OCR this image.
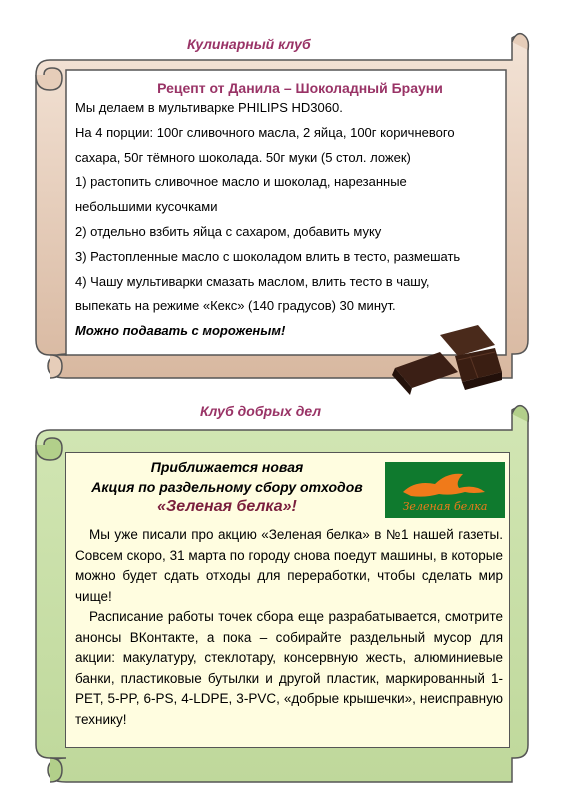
Кулинарный клуб
Рецепт от Данила – Шоколадный Брауни

Мы делаем в мультиварке PHILIPS HD3060.

На 4 порции: 100г сливочного масла, 2 яйца, 100г коричневого

сахара, 50г тёмного шоколада. 50г муки (5 стол. ложек)

1) растопить сливочное масло и шоколад, нарезанные

небольшими кусочками

2) отдельно взбить яйца с сахаром, добавить муку

3) Растопленные масло с шоколадом влить в тесто, размешать

4) Чашу мультиварки смазать маслом, влить тесто в чашу,

выпекать на режиме «Кекс» (140 градусов) 30 минут.

Можно подавать с мороженым!

Клуб добрых дел
Приближается новая
Акция по раздельному сбору отходов
«Зеленая белка»!	Зеленая белка

Мы уже писали про акцию «Зеленая белка» в №1 нашей газеты. Совсем скоро, 31 марта по городу снова поедут машины, в которые можно будет сдать отходы для переработки, чтобы сделать мир чище!

Расписание работы точек сбора еще разрабатывается, смотрите анонсы ВКонтакте, а пока – собирайте раздельный мусор для акции: макулатуру, стеклотару, консервную жесть, алюминиевые банки, пластиковые бутылки и другой пластик, маркированный 1-PET, 5-PP, 6-PS, 4-LDPE, 3-PVC, «добрые крышечки», неисправную технику!
